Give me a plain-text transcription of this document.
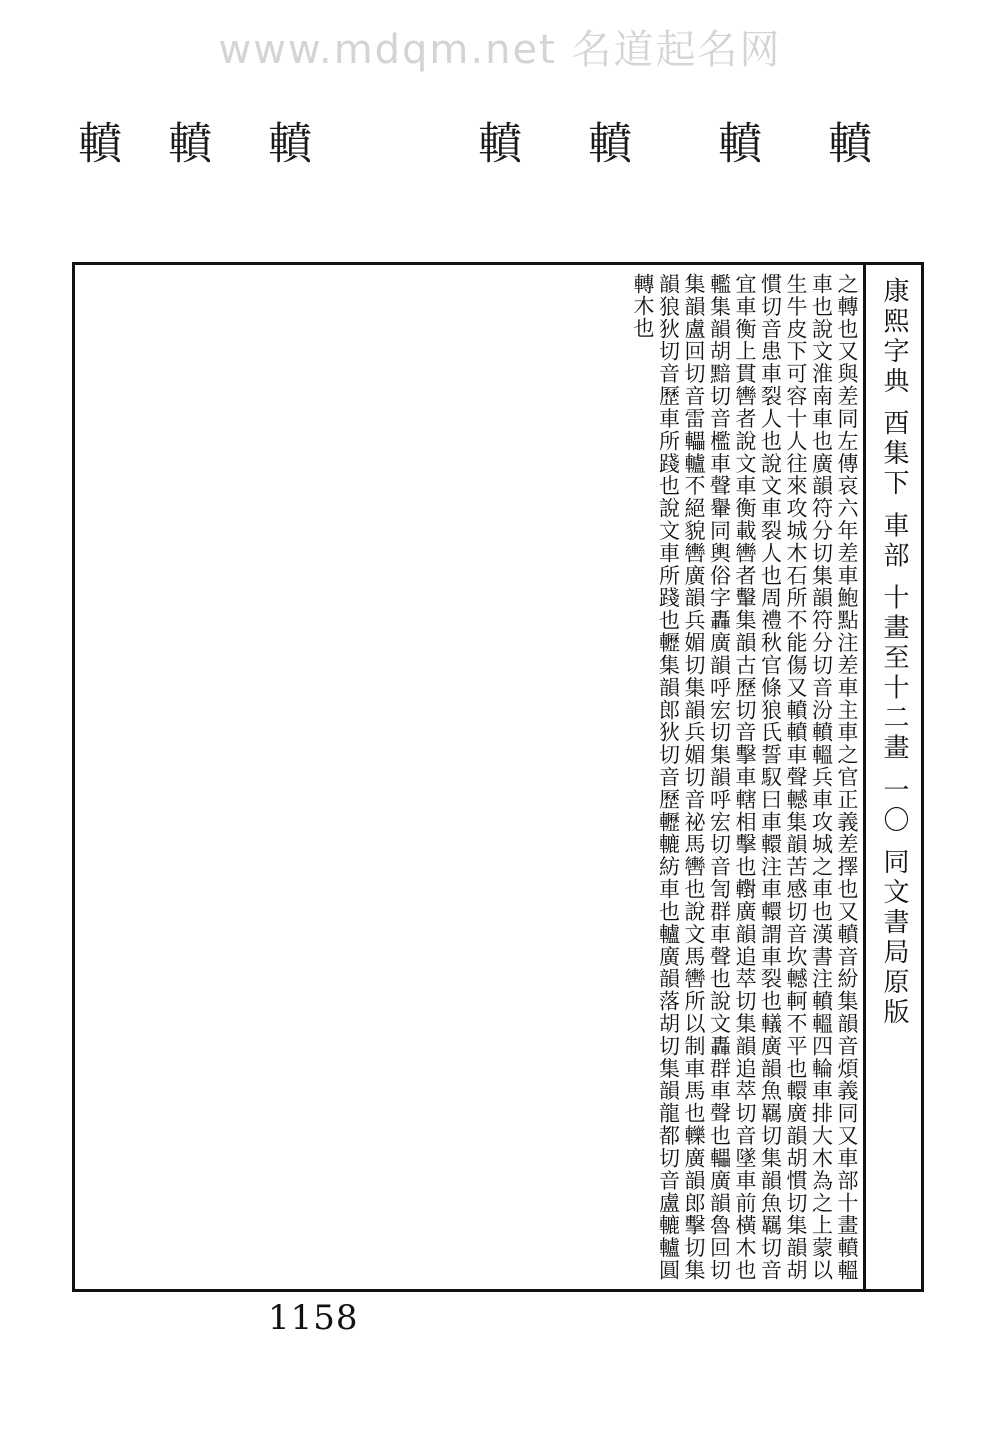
www.mdqm.net 名道起名网
轒 轒 轒	轒 轒 轒 轒
之轉也又與差同左傳哀六年差車鮑點注差車主車之官正義差擇也又轒音紛集韻音煩義同又車部十畫轒轀車也說文淮南車也廣韻符分切集韻符分切音汾轒轀兵車攻城之車也漢書注轒轀四輪車排大木為之上蒙以生牛皮下可容十人往來攻城木石所不能傷又轒轒車聲轗集韻苦感切音坎轗軻不平也轘廣韻胡慣切集韻胡慣切音患車裂人也說文車裂人也周禮秋官條狼氏誓馭曰車轘注車轘謂車裂也轙廣韻魚羈切集韻魚羈切音宜車衡上貫轡者說文車衡載轡者轚集韻古歷切音擊車轄相擊也轛廣韻追萃切集韻追萃切音墜車前橫木也轞集韻胡黯切音檻車聲轝同輿俗字轟廣韻呼宏切集韻呼宏切音訇群車聲也說文轟群車聲也轠廣韻魯回切集韻盧回切音雷轠轤不絕貌轡廣韻兵媚切集韻兵媚切音祕馬轡也說文馬轡所以制車馬也轢廣韻郎擊切集韻狼狄切音歷車所踐也說文車所踐也轣集韻郎狄切音歷轣轆紡車也轤廣韻落胡切集韻龍都切音盧轆轤圓轉木也	康熙字典 酉集下 車部 十畫至十二畫 一〇 同文書局原版
1158
